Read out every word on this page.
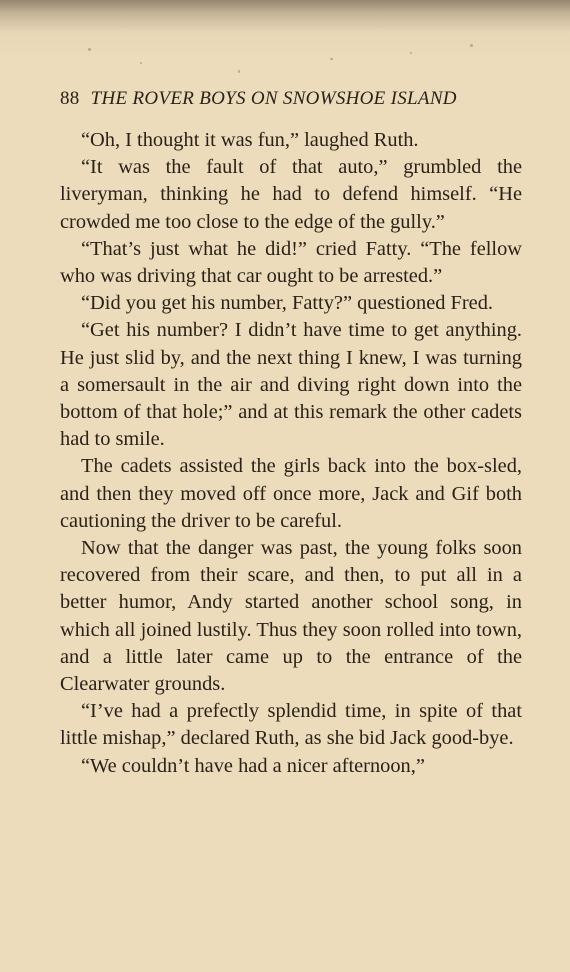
88 THE ROVER BOYS ON SNOWSHOE ISLAND

“Oh, I thought it was fun,” laughed Ruth.

“It was the fault of that auto,” grumbled the liveryman, thinking he had to defend himself. “He crowded me too close to the edge of the gully.”

“That’s just what he did!” cried Fatty. “The fellow who was driving that car ought to be arrested.”

“Did you get his number, Fatty?” questioned Fred.

“Get his number? I didn’t have time to get anything. He just slid by, and the next thing I knew, I was turning a somersault in the air and diving right down into the bottom of that hole;” and at this remark the other cadets had to smile.

The cadets assisted the girls back into the box-sled, and then they moved off once more, Jack and Gif both cautioning the driver to be careful.

Now that the danger was past, the young folks soon recovered from their scare, and then, to put all in a better humor, Andy started another school song, in which all joined lustily. Thus they soon rolled into town, and a little later came up to the entrance of the Clearwater grounds.

“I’ve had a prefectly splendid time, in spite of that little mishap,” declared Ruth, as she bid Jack good-bye.

“We couldn’t have had a nicer afternoon,”
